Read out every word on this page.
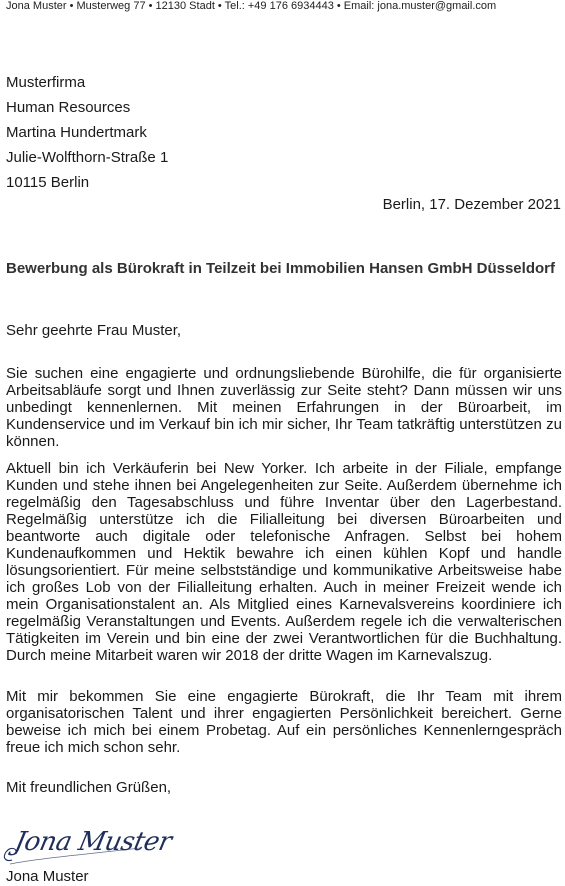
Jona Muster • Musterweg 77 • 12130 Stadt • Tel.: +49 176 6934443 • Email: jona.muster@gmail.com
Musterfirma
Human Resources
Martina Hundertmark
Julie-Wolfthorn-Straße 1
10115 Berlin
Berlin, 17. Dezember 2021
Bewerbung als Bürokraft in Teilzeit bei Immobilien Hansen GmbH Düsseldorf
Sehr geehrte Frau Muster,
Sie suchen eine engagierte und ordnungsliebende Bürohilfe, die für organisierte Arbeitsabläufe sorgt und Ihnen zuverlässig zur Seite steht? Dann müssen wir uns unbedingt kennenlernen. Mit meinen Erfahrungen in der Büroarbeit, im Kundenservice und im Verkauf bin ich mir sicher, Ihr Team tatkräftig unterstützen zu können.
Aktuell bin ich Verkäuferin bei New Yorker. Ich arbeite in der Filiale, empfange Kunden und stehe ihnen bei Angelegenheiten zur Seite. Außerdem übernehme ich regelmäßig den Tagesabschluss und führe Inventar über den Lagerbestand. Regelmäßig unterstütze ich die Filialleitung bei diversen Büroarbeiten und beantworte auch digitale oder telefonische Anfragen. Selbst bei hohem Kundenaufkommen und Hektik bewahre ich einen kühlen Kopf und handle lösungsorientiert. Für meine selbstständige und kommunikative Arbeitsweise habe ich großes Lob von der Filialleitung erhalten. Auch in meiner Freizeit wende ich mein Organisationstalent an. Als Mitglied eines Karnevalsvereins koordiniere ich regelmäßig Veranstaltungen und Events. Außerdem regele ich die verwalterischen Tätigkeiten im Verein und bin eine der zwei Verantwortlichen für die Buchhaltung. Durch meine Mitarbeit waren wir 2018 der dritte Wagen im Karnevalszug.
Mit mir bekommen Sie eine engagierte Bürokraft, die Ihr Team mit ihrem organisatorischen Talent und ihrer engagierten Persönlichkeit bereichert. Gerne beweise ich mich bei einem Probetag. Auf ein persönliches Kennenlerngespräch freue ich mich schon sehr.
Mit freundlichen Grüßen,
Jona Muster
Jona Muster
